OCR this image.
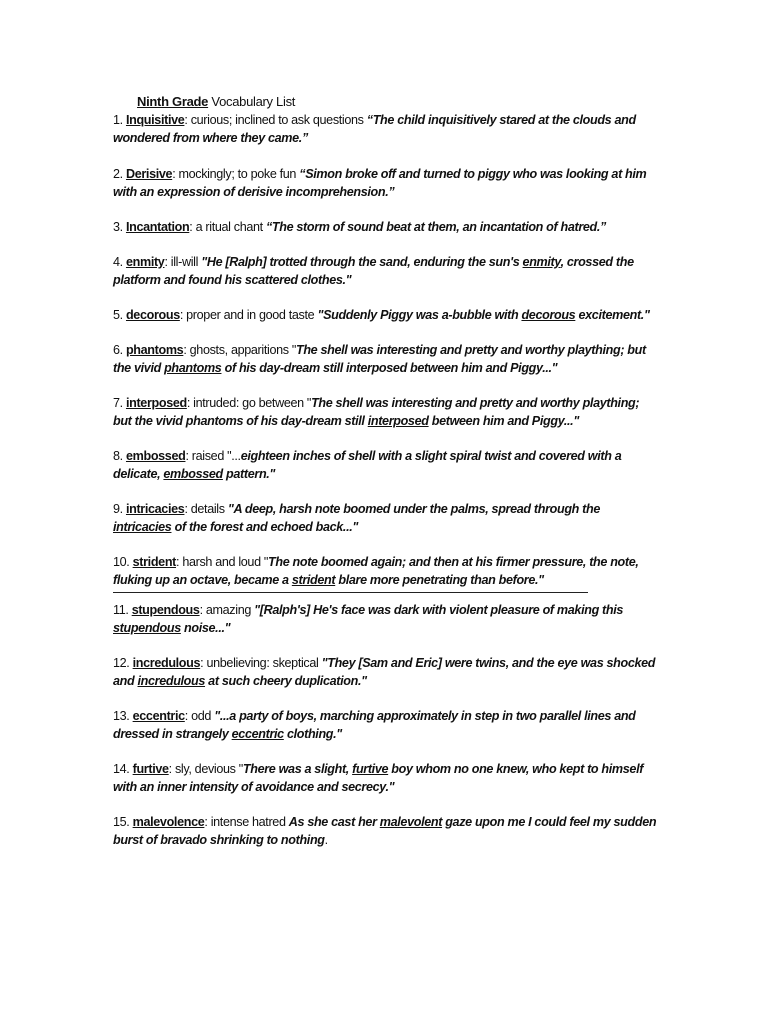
Ninth Grade Vocabulary List
1. Inquisitive: curious; inclined to ask questions “The child inquisitively stared at the clouds and wondered from where they came.”
2. Derisive: mockingly; to poke fun “Simon broke off and turned to piggy who was looking at him with an expression of derisive incomprehension.”
3. Incantation: a ritual chant “The storm of sound beat at them, an incantation of hatred.”
4. enmity: ill-will "He [Ralph] trotted through the sand, enduring the sun's enmity, crossed the platform and found his scattered clothes."
5. decorous: proper and in good taste "Suddenly Piggy was a-bubble with decorous excitement."
6. phantoms: ghosts, apparitions "The shell was interesting and pretty and worthy plaything; but the vivid phantoms of his day-dream still interposed between him and Piggy..."
7. interposed: intruded: go between "The shell was interesting and pretty and worthy plaything; but the vivid phantoms of his day-dream still interposed between him and Piggy..."
8. embossed: raised "...eighteen inches of shell with a slight spiral twist and covered with a delicate, embossed pattern."
9. intricacies: details "A deep, harsh note boomed under the palms, spread through the intricacies of the forest and echoed back..."
10. strident: harsh and loud "The note boomed again; and then at his firmer pressure, the note, fluking up an octave, became a strident blare more penetrating than before."
11. stupendous: amazing "[Ralph's] He's face was dark with violent pleasure of making this stupendous noise..."
12. incredulous: unbelieving: skeptical "They [Sam and Eric] were twins, and the eye was shocked and incredulous at such cheery duplication."
13. eccentric: odd "...a party of boys, marching approximately in step in two parallel lines and dressed in strangely eccentric clothing."
14. furtive: sly, devious "There was a slight, furtive boy whom no one knew, who kept to himself with an inner intensity of avoidance and secrecy."
15. malevolence: intense hatred As she cast her malevolent gaze upon me I could feel my sudden burst of bravado shrinking to nothing.
